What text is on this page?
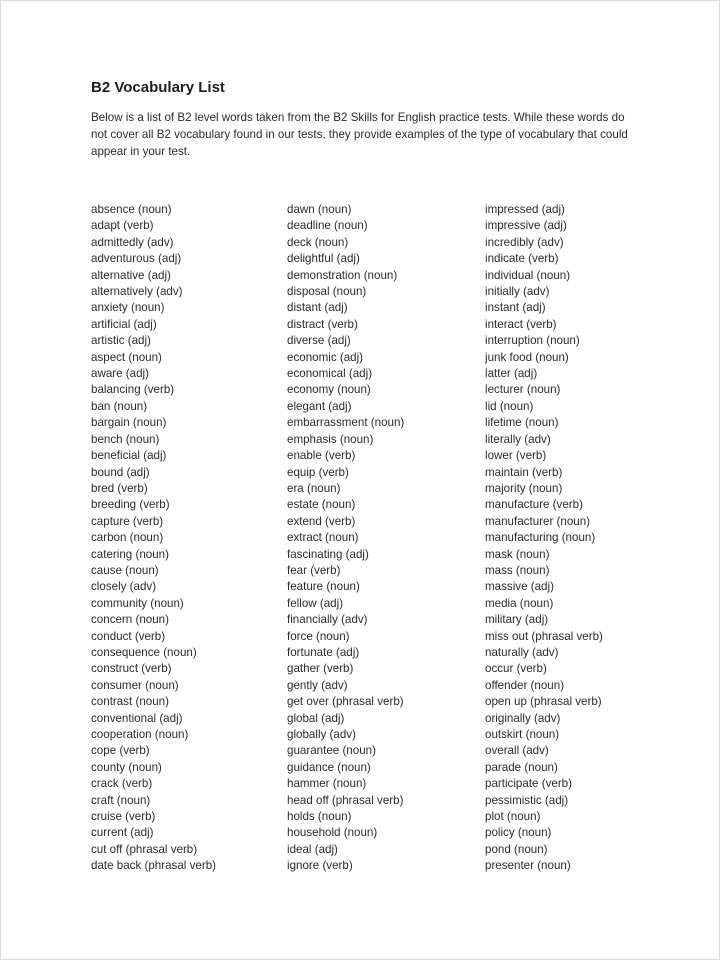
B2 Vocabulary List

Below is a list of B2 level words taken from the B2 Skills for English practice tests. While these words do not cover all B2 vocabulary found in our tests, they provide examples of the type of vocabulary that could appear in your test.

absence (noun)
adapt (verb)
admittedly (adv)
adventurous (adj)
alternative (adj)
alternatively (adv)
anxiety (noun)
artificial (adj)
artistic (adj)
aspect (noun)
aware (adj)
balancing (verb)
ban (noun)
bargain (noun)
bench (noun)
beneficial (adj)
bound (adj)
bred (verb)
breeding (verb)
capture (verb)
carbon (noun)
catering (noun)
cause (noun)
closely (adv)
community (noun)
concern (noun)
conduct (verb)
consequence (noun)
construct (verb)
consumer (noun)
contrast (noun)
conventional (adj)
cooperation (noun)
cope (verb)
county (noun)
crack (verb)
craft (noun)
cruise (verb)
current (adj)
cut off (phrasal verb)
date back (phrasal verb)
dawn (noun)
deadline (noun)
deck (noun)
delightful (adj)
demonstration (noun)
disposal (noun)
distant (adj)
distract (verb)
diverse (adj)
economic (adj)
economical (adj)
economy (noun)
elegant (adj)
embarrassment (noun)
emphasis (noun)
enable (verb)
equip (verb)
era (noun)
estate (noun)
extend (verb)
extract (noun)
fascinating (adj)
fear (verb)
feature (noun)
fellow (adj)
financially (adv)
force (noun)
fortunate (adj)
gather (verb)
gently (adv)
get over (phrasal verb)
global (adj)
globally (adv)
guarantee (noun)
guidance (noun)
hammer (noun)
head off (phrasal verb)
holds (noun)
household (noun)
ideal (adj)
ignore (verb)
impressed (adj)
impressive (adj)
incredibly (adv)
indicate (verb)
individual (noun)
initially (adv)
instant (adj)
interact (verb)
interruption (noun)
junk food (noun)
latter (adj)
lecturer (noun)
lid (noun)
lifetime (noun)
literally (adv)
lower (verb)
maintain (verb)
majority (noun)
manufacture (verb)
manufacturer (noun)
manufacturing (noun)
mask (noun)
mass (noun)
massive (adj)
media (noun)
military (adj)
miss out (phrasal verb)
naturally (adv)
occur (verb)
offender (noun)
open up (phrasal verb)
originally (adv)
outskirt (noun)
overall (adv)
parade (noun)
participate (verb)
pessimistic (adj)
plot (noun)
policy (noun)
pond (noun)
presenter (noun)
